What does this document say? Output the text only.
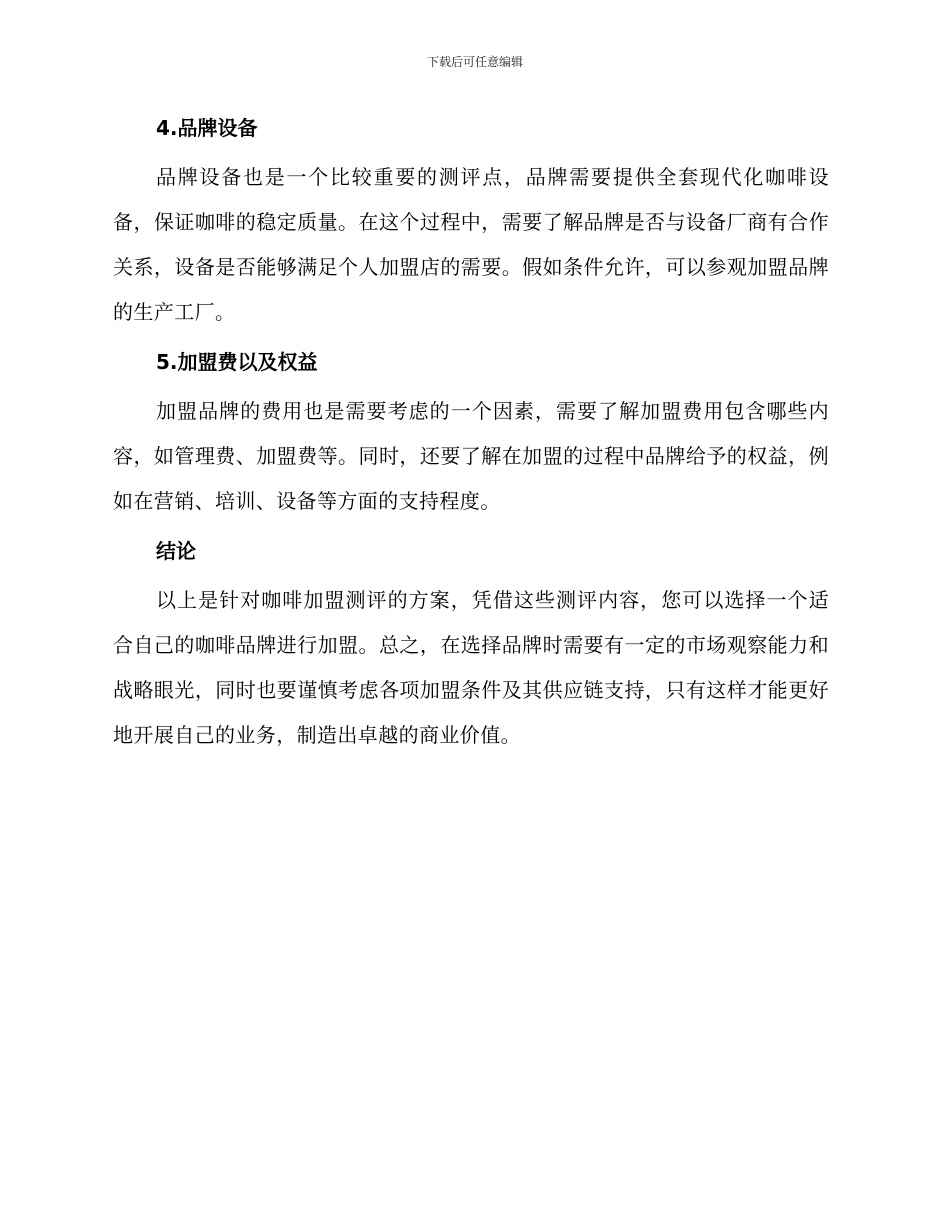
下载后可任意编辑
4.品牌设备

品牌设备也是一个比较重要的测评点，品牌需要提供全套现代化咖啡设备，保证咖啡的稳定质量。在这个过程中，需要了解品牌是否与设备厂商有合作关系，设备是否能够满足个人加盟店的需要。假如条件允许，可以参观加盟品牌的生产工厂。

5.加盟费以及权益

加盟品牌的费用也是需要考虑的一个因素，需要了解加盟费用包含哪些内容，如管理费、加盟费等。同时，还要了解在加盟的过程中品牌给予的权益，例如在营销、培训、设备等方面的支持程度。

结论

以上是针对咖啡加盟测评的方案，凭借这些测评内容，您可以选择一个适合自己的咖啡品牌进行加盟。总之，在选择品牌时需要有一定的市场观察能力和战略眼光，同时也要谨慎考虑各项加盟条件及其供应链支持，只有这样才能更好地开展自己的业务，制造出卓越的商业价值。
